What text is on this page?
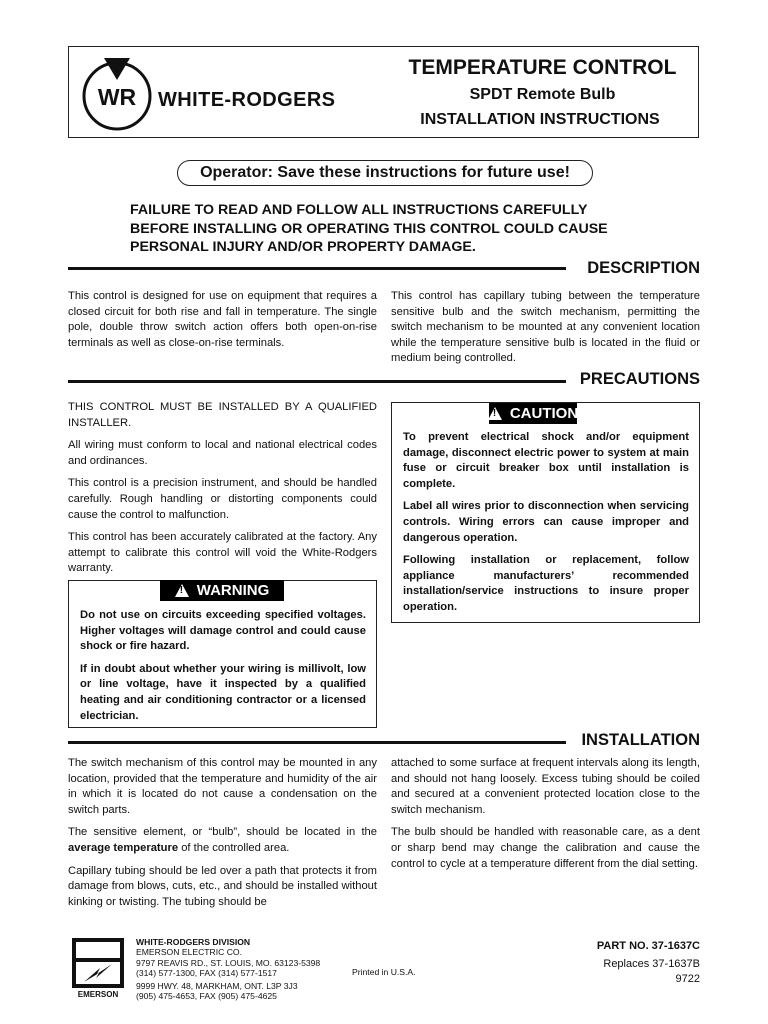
WR WHITE-RODGERS
TEMPERATURE CONTROL
SPDT Remote Bulb
INSTALLATION INSTRUCTIONS
Operator: Save these instructions for future use!
FAILURE TO READ AND FOLLOW ALL INSTRUCTIONS CAREFULLY
BEFORE INSTALLING OR OPERATING THIS CONTROL COULD CAUSE
PERSONAL INJURY AND/OR PROPERTY DAMAGE.
DESCRIPTION

This control is designed for use on equipment that requires a closed circuit for both rise and fall in temperature. The single pole, double throw switch action offers both open-on-rise terminals as well as close-on-rise terminals.

This control has capillary tubing between the temperature sensitive bulb and the switch mechanism, permitting the switch mechanism to be mounted at any convenient location while the temperature sensitive bulb is located in the fluid or medium being controlled.

PRECAUTIONS

THIS CONTROL MUST BE INSTALLED BY A QUALIFIED INSTALLER.

All wiring must conform to local and national electrical codes and ordinances.

This control is a precision instrument, and should be handled carefully. Rough handling or distorting components could cause the control to malfunction.

This control has been accurately calibrated at the factory. Any attempt to calibrate this control will void the White-Rodgers warranty.

! WARNING

Do not use on circuits exceeding specified voltages. Higher voltages will damage control and could cause shock or fire hazard.

If in doubt about whether your wiring is millivolt, low or line voltage, have it inspected by a qualified heating and air conditioning contractor or a licensed electrician.

! CAUTION

To prevent electrical shock and/or equipment damage, disconnect electric power to system at main fuse or circuit breaker box until installation is complete.

Label all wires prior to disconnection when servicing controls. Wiring errors can cause improper and dangerous operation.

Following installation or replacement, follow appliance manufacturers’ recommended installation/service instructions to insure proper operation.

INSTALLATION

The switch mechanism of this control may be mounted in any location, provided that the temperature and humidity of the air in which it is located do not cause a condensation on the switch parts.

The sensitive element, or “bulb”, should be located in the average temperature of the controlled area.

Capillary tubing should be led over a path that protects it from damage from blows, cuts, etc., and should be installed without kinking or twisting. The tubing should be

attached to some surface at frequent intervals along its length, and should not hang loosely. Excess tubing should be coiled and secured at a convenient protected location close to the switch mechanism.

The bulb should be handled with reasonable care, as a dent or sharp bend may change the calibration and cause the control to cycle at a temperature different from the dial setting.

EMERSON
WHITE-RODGERS DIVISION
EMERSON ELECTRIC CO.
9797 REAVIS RD., ST. LOUIS, MO. 63123-5398
(314) 577-1300, FAX (314) 577-1517
9999 HWY. 48, MARKHAM, ONT. L3P 3J3
(905) 475-4653, FAX (905) 475-4625
Printed in U.S.A.
PART NO. 37-1637C
Replaces 37-1637B
9722
